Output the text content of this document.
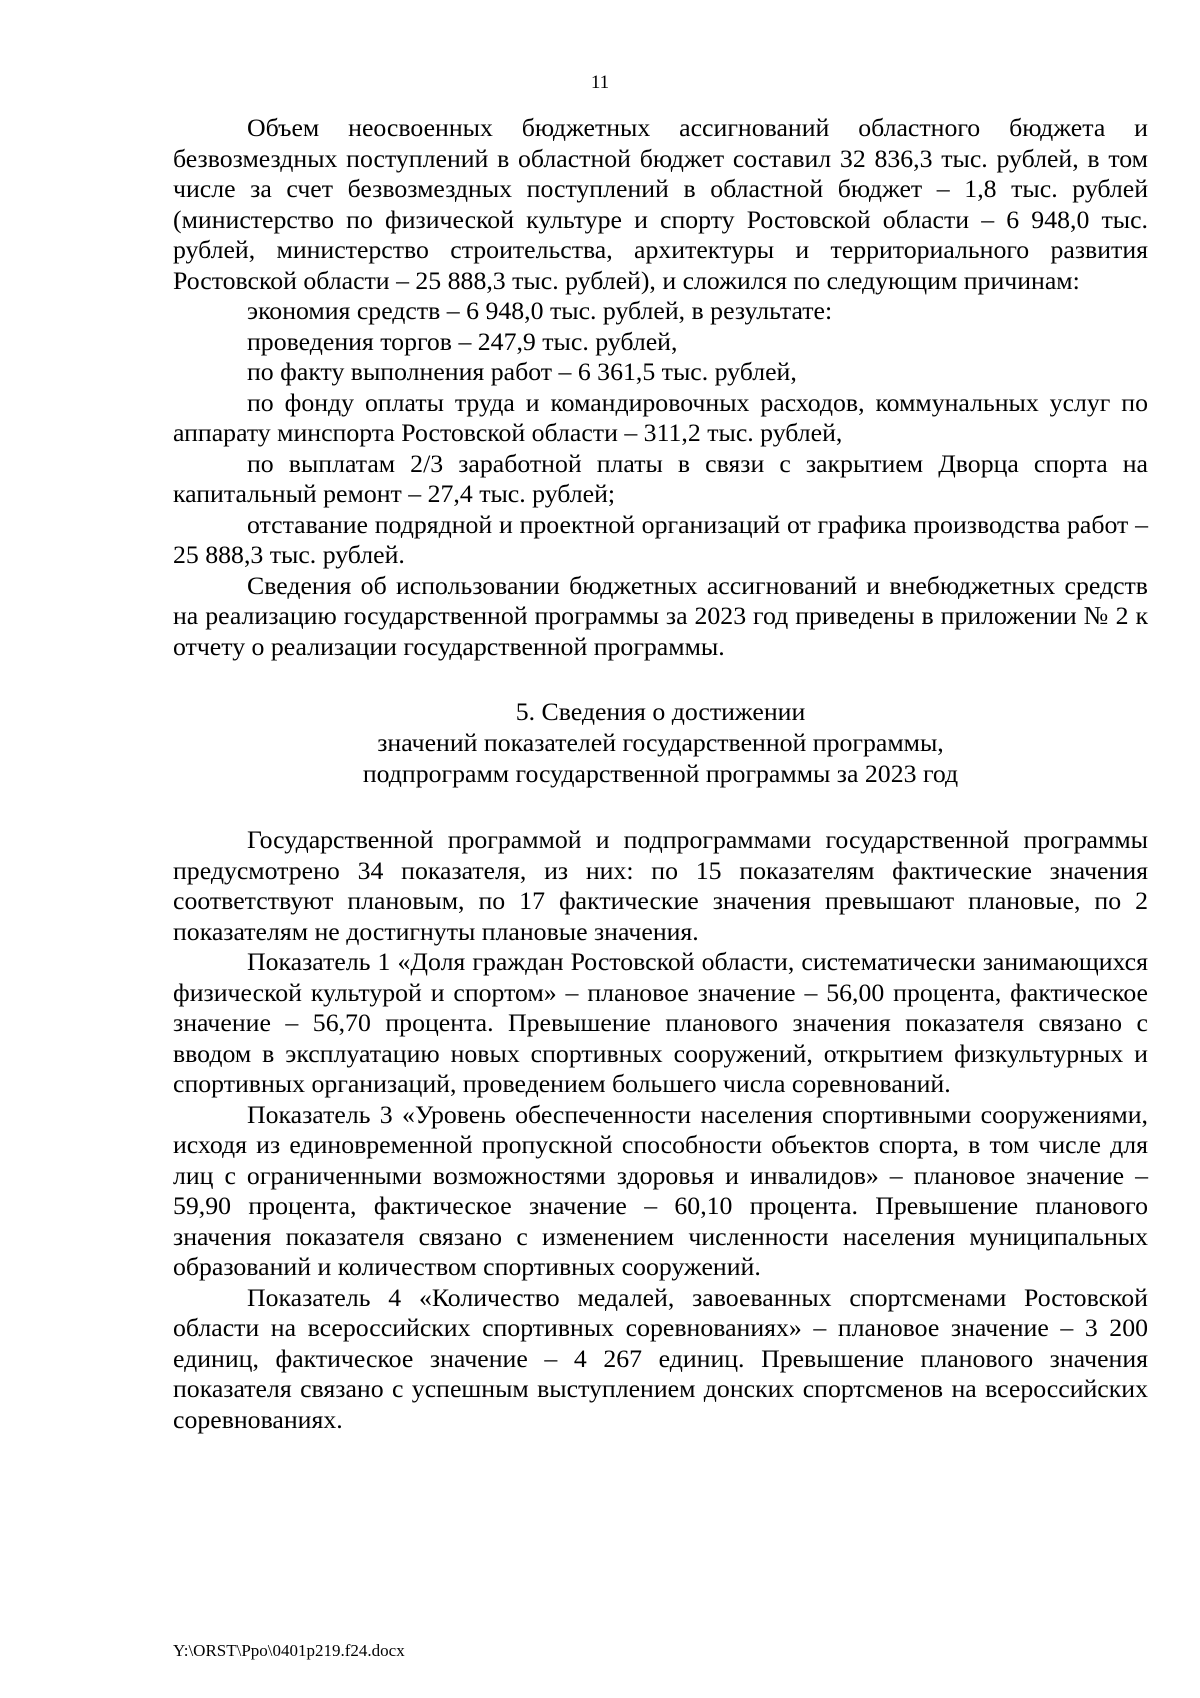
11

Объем неосвоенных бюджетных ассигнований областного бюджета и безвозмездных поступлений в областной бюджет составил 32 836,3 тыс. рублей, в том числе за счет безвозмездных поступлений в областной бюджет – 1,8 тыс. рублей (министерство по физической культуре и спорту Ростовской области – 6 948,0 тыс. рублей, министерство строительства, архитектуры и территориального развития Ростовской области – 25 888,3 тыс. рублей), и сложился по следующим причинам:

экономия средств – 6 948,0 тыс. рублей, в результате:

проведения торгов – 247,9 тыс. рублей,

по факту выполнения работ – 6 361,5 тыс. рублей,

по фонду оплаты труда и командировочных расходов, коммунальных услуг по аппарату минспорта Ростовской области – 311,2 тыс. рублей,

по выплатам 2/3 заработной платы в связи с закрытием Дворца спорта на капитальный ремонт – 27,4 тыс. рублей;

отставание подрядной и проектной организаций от графика производства работ – 25 888,3 тыс. рублей.

Сведения об использовании бюджетных ассигнований и внебюджетных средств на реализацию государственной программы за 2023 год приведены в приложении № 2 к отчету о реализации государственной программы.

5. Сведения о достижении
значений показателей государственной программы,
подпрограмм государственной программы за 2023 год

Государственной программой и подпрограммами государственной программы предусмотрено 34 показателя, из них: по 15 показателям фактические значения соответствуют плановым, по 17 фактические значения превышают плановые, по 2 показателям не достигнуты плановые значения.

Показатель 1 «Доля граждан Ростовской области, систематически занимающихся физической культурой и спортом» – плановое значение – 56,00 процента, фактическое значение – 56,70 процента. Превышение планового значения показателя связано с вводом в эксплуатацию новых спортивных сооружений, открытием физкультурных и спортивных организаций, проведением большего числа соревнований.

Показатель 3 «Уровень обеспеченности населения спортивными сооружениями, исходя из единовременной пропускной способности объектов спорта, в том числе для лиц с ограниченными возможностями здоровья и инвалидов» – плановое значение – 59,90 процента, фактическое значение – 60,10 процента. Превышение планового значения показателя связано с изменением численности населения муниципальных образований и количеством спортивных сооружений.

Показатель 4 «Количество медалей, завоеванных спортсменами Ростовской области на всероссийских спортивных соревнованиях» – плановое значение – 3 200 единиц, фактическое значение – 4 267 единиц. Превышение планового значения показателя связано с успешным выступлением донских спортсменов на всероссийских соревнованиях.

Y:\ORST\Ppo\0401p219.f24.docx
